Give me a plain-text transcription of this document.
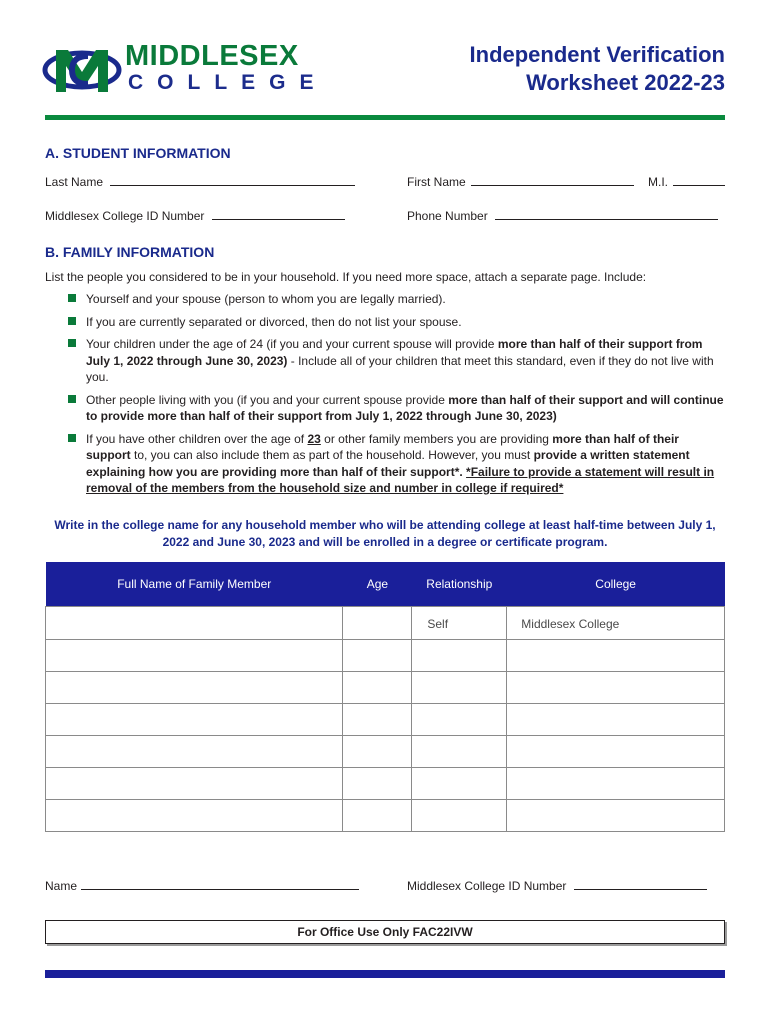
MIDDLESEX
COLLEGE
Independent Verification
Worksheet 2022-23
A. STUDENT INFORMATION
Last Name	First Name	M.I.
Middlesex College ID Number	Phone Number
B. FAMILY INFORMATION
List the people you considered to be in your household. If you need more space, attach a separate page. Include:
Yourself and your spouse (person to whom you are legally married).
If you are currently separated or divorced, then do not list your spouse.
Your children under the age of 24 (if you and your current spouse will provide more than half of their support from July 1, 2022 through June 30, 2023) - Include all of your children that meet this standard, even if they do not live with you.
Other people living with you (if you and your current spouse provide more than half of their support and will continue to provide more than half of their support from July 1, 2022 through June 30, 2023)
If you have other children over the age of 23 or other family members you are providing more than half of their support to, you can also include them as part of the household. However, you must provide a written statement explaining how you are providing more than half of their support*. *Failure to provide a statement will result in removal of the members from the household size and number in college if required*
Write in the college name for any household member who will be attending college at least half-time between July 1, 2022 and June 30, 2023 and will be enrolled in a degree or certificate program.
Full Name of Family Member	Age	Relationship	College
		Self	Middlesex College

Name	Middlesex College ID Number
For Office Use Only FAC22IVW
